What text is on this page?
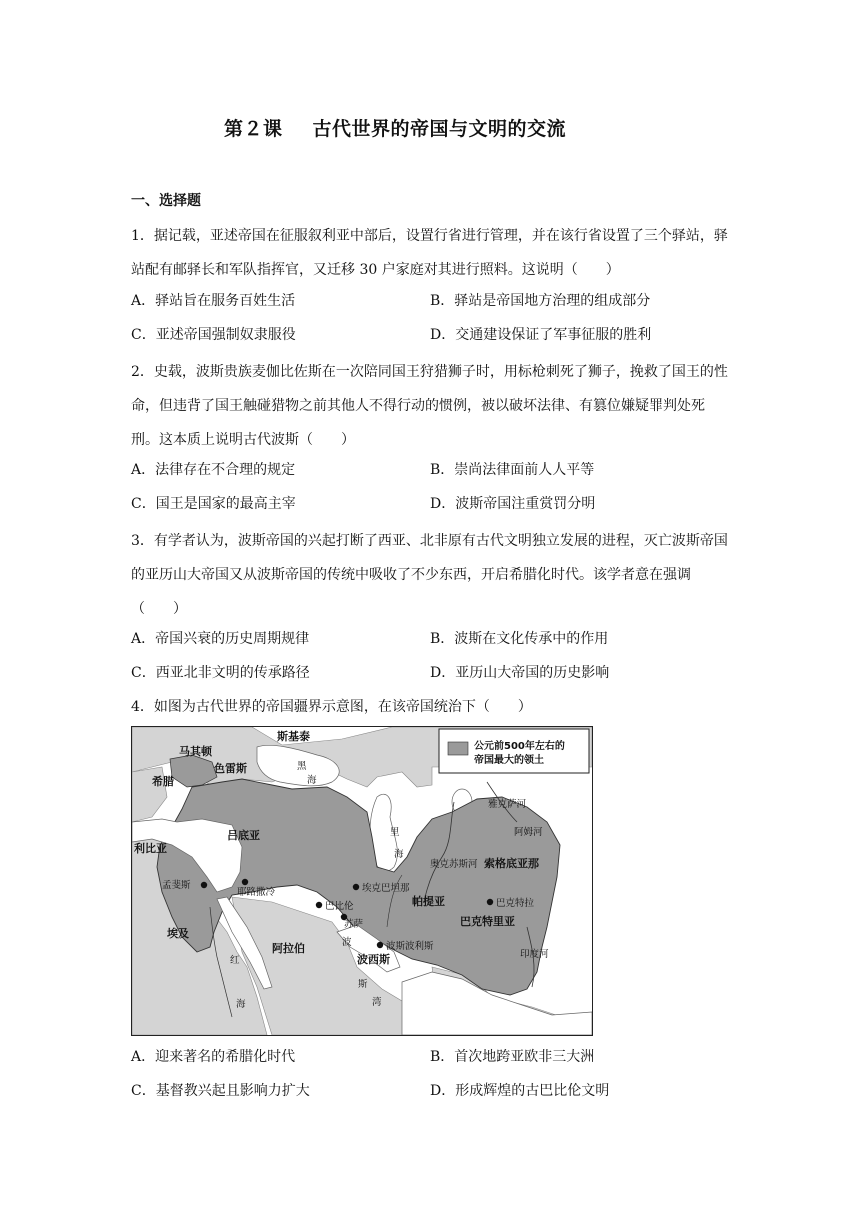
第２课 古代世界的帝国与文明的交流
一、选择题
1．据记载，亚述帝国在征服叙利亚中部后，设置行省进行管理，并在该行省设置了三个驿站，驿站配有邮驿长和军队指挥官，又迁移 30 户家庭对其进行照料。这说明（　　）
A．驿站旨在服务百姓生活	B．驿站是帝国地方治理的组成部分
C．亚述帝国强制奴隶服役	D．交通建设保证了军事征服的胜利
2．史载，波斯贵族麦伽比佐斯在一次陪同国王狩猎狮子时，用标枪刺死了狮子，挽救了国王的性命，但违背了国王触碰猎物之前其他人不得行动的惯例，被以破坏法律、有篡位嫌疑罪判处死刑。这本质上说明古代波斯（　　）
A．法律存在不合理的规定	B．崇尚法律面前人人平等
C．国王是国家的最高主宰	D．波斯帝国注重赏罚分明
3．有学者认为，波斯帝国的兴起打断了西亚、北非原有古代文明独立发展的进程，灭亡波斯帝国的亚历山大帝国又从波斯帝国的传统中吸收了不少东西，开启希腊化时代。该学者意在强调（　　）
A．帝国兴衰的历史周期规律	B．波斯在文化传承中的作用
C．西亚北非文明的传承路径	D．亚历山大帝国的历史影响
4．如图为古代世界的帝国疆界示意图，在该帝国统治下（　　）
公元前500年左右的
帝国最大的领土
斯基泰
马其顿
希腊
色雷斯
吕底亚
利比亚
埃及
阿拉伯
帕提亚
索格底亚那
巴克特里亚
波西斯
黑
海
里
海
红
海
波
斯
湾
雅克萨河
阿姆河
奥克苏斯河
印度河
孟斐斯
耶路撒冷	埃克巴坦那
巴比伦
苏萨
波斯波利斯
巴克特拉
A．迎来著名的希腊化时代	B．首次地跨亚欧非三大洲
C．基督教兴起且影响力扩大	D．形成辉煌的古巴比伦文明
